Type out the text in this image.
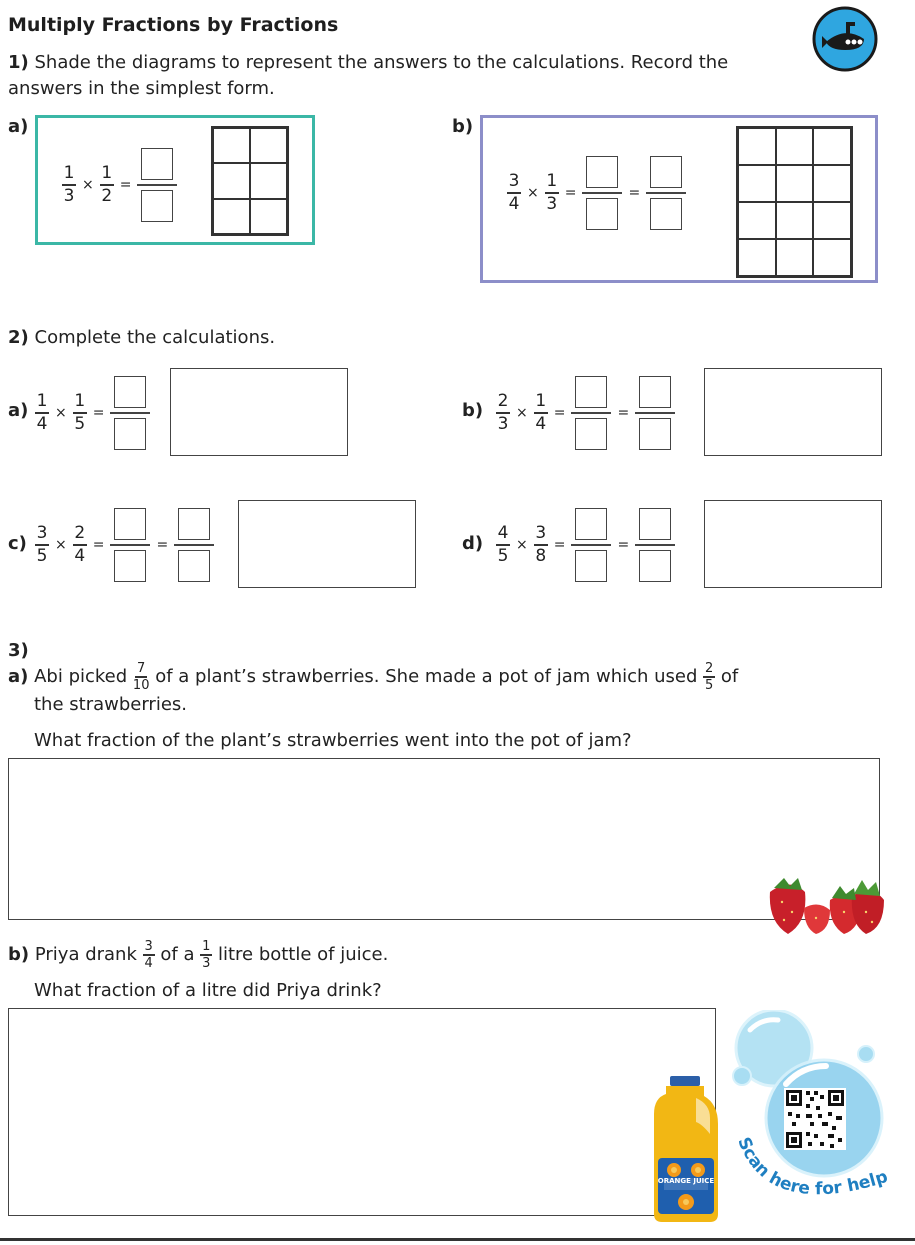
Multiply Fractions by Fractions
1) Shade the diagrams to represent the answers to the calculations. Record the answers in the simplest form.
a)
$\frac{1}{3} \times \frac{1}{2}$ =
b)
$\frac{3}{4} \times \frac{1}{3}$ =	=
2) Complete the calculations.
$a) \frac{1}{4} \times \frac{1}{5}$ =	$b) \frac{2}{3} \times \frac{1}{4}$ =	=
$c) \frac{3}{5} \times \frac{2}{4}$ =	=	$d) \frac{4}{5} \times \frac{3}{8}$ =	=
3)
a) Abi picked $\frac{7}{10}$ of a plant’s strawberries. She made a pot of jam which used $\frac{2}{5}$ of
the strawberries.
What fraction of the plant’s strawberries went into the pot of jam?
b) Priya drank $\frac{3}{4}$ of a $\frac{1}{3}$ litre bottle of juice.
What fraction of a litre did Priya drink?
ORANGE JUICE
Scan here for help
